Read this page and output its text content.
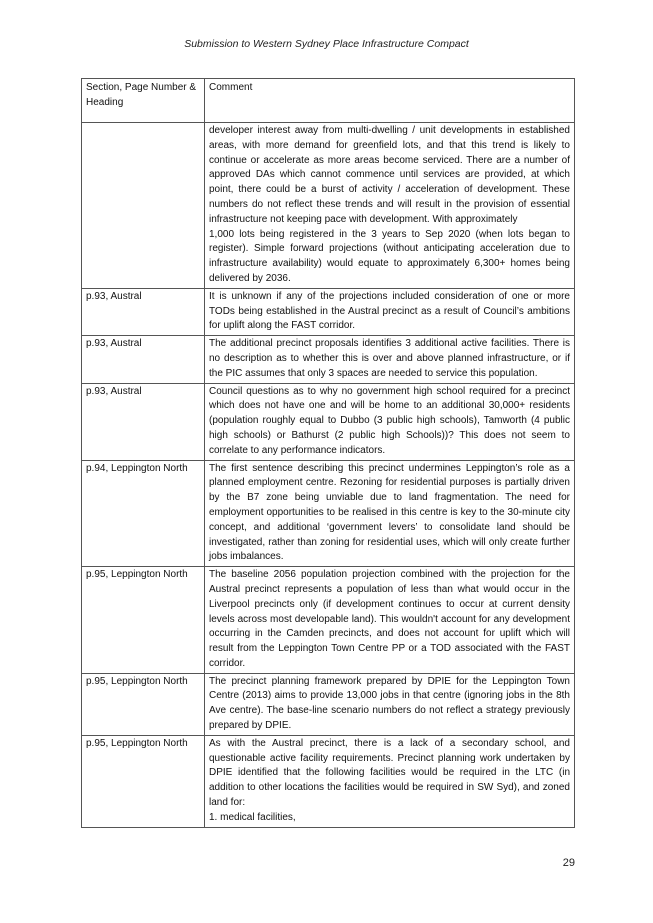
Submission to Western Sydney Place Infrastructure Compact
Section, Page Number & Heading	Comment

	developer interest away from multi-dwelling / unit developments in established areas, with more demand for greenfield lots, and that this trend is likely to continue or accelerate as more areas become serviced. There are a number of approved DAs which cannot commence until services are provided, at which point, there could be a burst of activity / acceleration of development. These numbers do not reflect these trends and will result in the provision of essential infrastructure not keeping pace with development. With approximately
1,000 lots being registered in the 3 years to Sep 2020 (when lots began to register). Simple forward projections (without anticipating acceleration due to infrastructure availability) would equate to approximately 6,300+ homes being delivered by 2036.

p.93, Austral	It is unknown if any of the projections included consideration of one or more TODs being established in the Austral precinct as a result of Council’s ambitions for uplift along the FAST corridor.

p.93, Austral	The additional precinct proposals identifies 3 additional active facilities. There is no description as to whether this is over and above planned infrastructure, or if the PIC assumes that only 3 spaces are needed to service this population.

p.93, Austral	Council questions as to why no government high school required for a precinct which does not have one and will be home to an additional 30,000+ residents (population roughly equal to Dubbo (3 public high schools), Tamworth (4 public high schools) or Bathurst (2 public high Schools))? This does not seem to correlate to any performance indicators.

p.94, Leppington North	The first sentence describing this precinct undermines Leppington’s role as a planned employment centre. Rezoning for residential purposes is partially driven by the B7 zone being unviable due to land fragmentation. The need for employment opportunities to be realised in this centre is key to the 30-minute city concept, and additional ‘government levers’ to consolidate land should be investigated, rather than zoning for residential uses, which will only create further jobs imbalances.

p.95, Leppington North	The baseline 2056 population projection combined with the projection for the Austral precinct represents a population of less than what would occur in the Liverpool precincts only (if development continues to occur at current density levels across most developable land). This wouldn't account for any development occurring in the Camden precincts, and does not account for uplift which will result from the Leppington Town Centre PP or a TOD associated with the FAST corridor.

p.95, Leppington North	The precinct planning framework prepared by DPIE for the Leppington Town Centre (2013) aims to provide 13,000 jobs in that centre (ignoring jobs in the 8th Ave centre). The base-line scenario numbers do not reflect a strategy previously prepared by DPIE.

p.95, Leppington North	As with the Austral precinct, there is a lack of a secondary school, and questionable active facility requirements. Precinct planning work undertaken by DPIE identified that the following facilities would be required in the LTC (in addition to other locations the facilities would be required in SW Syd), and zoned land for:
1. medical facilities,
29
